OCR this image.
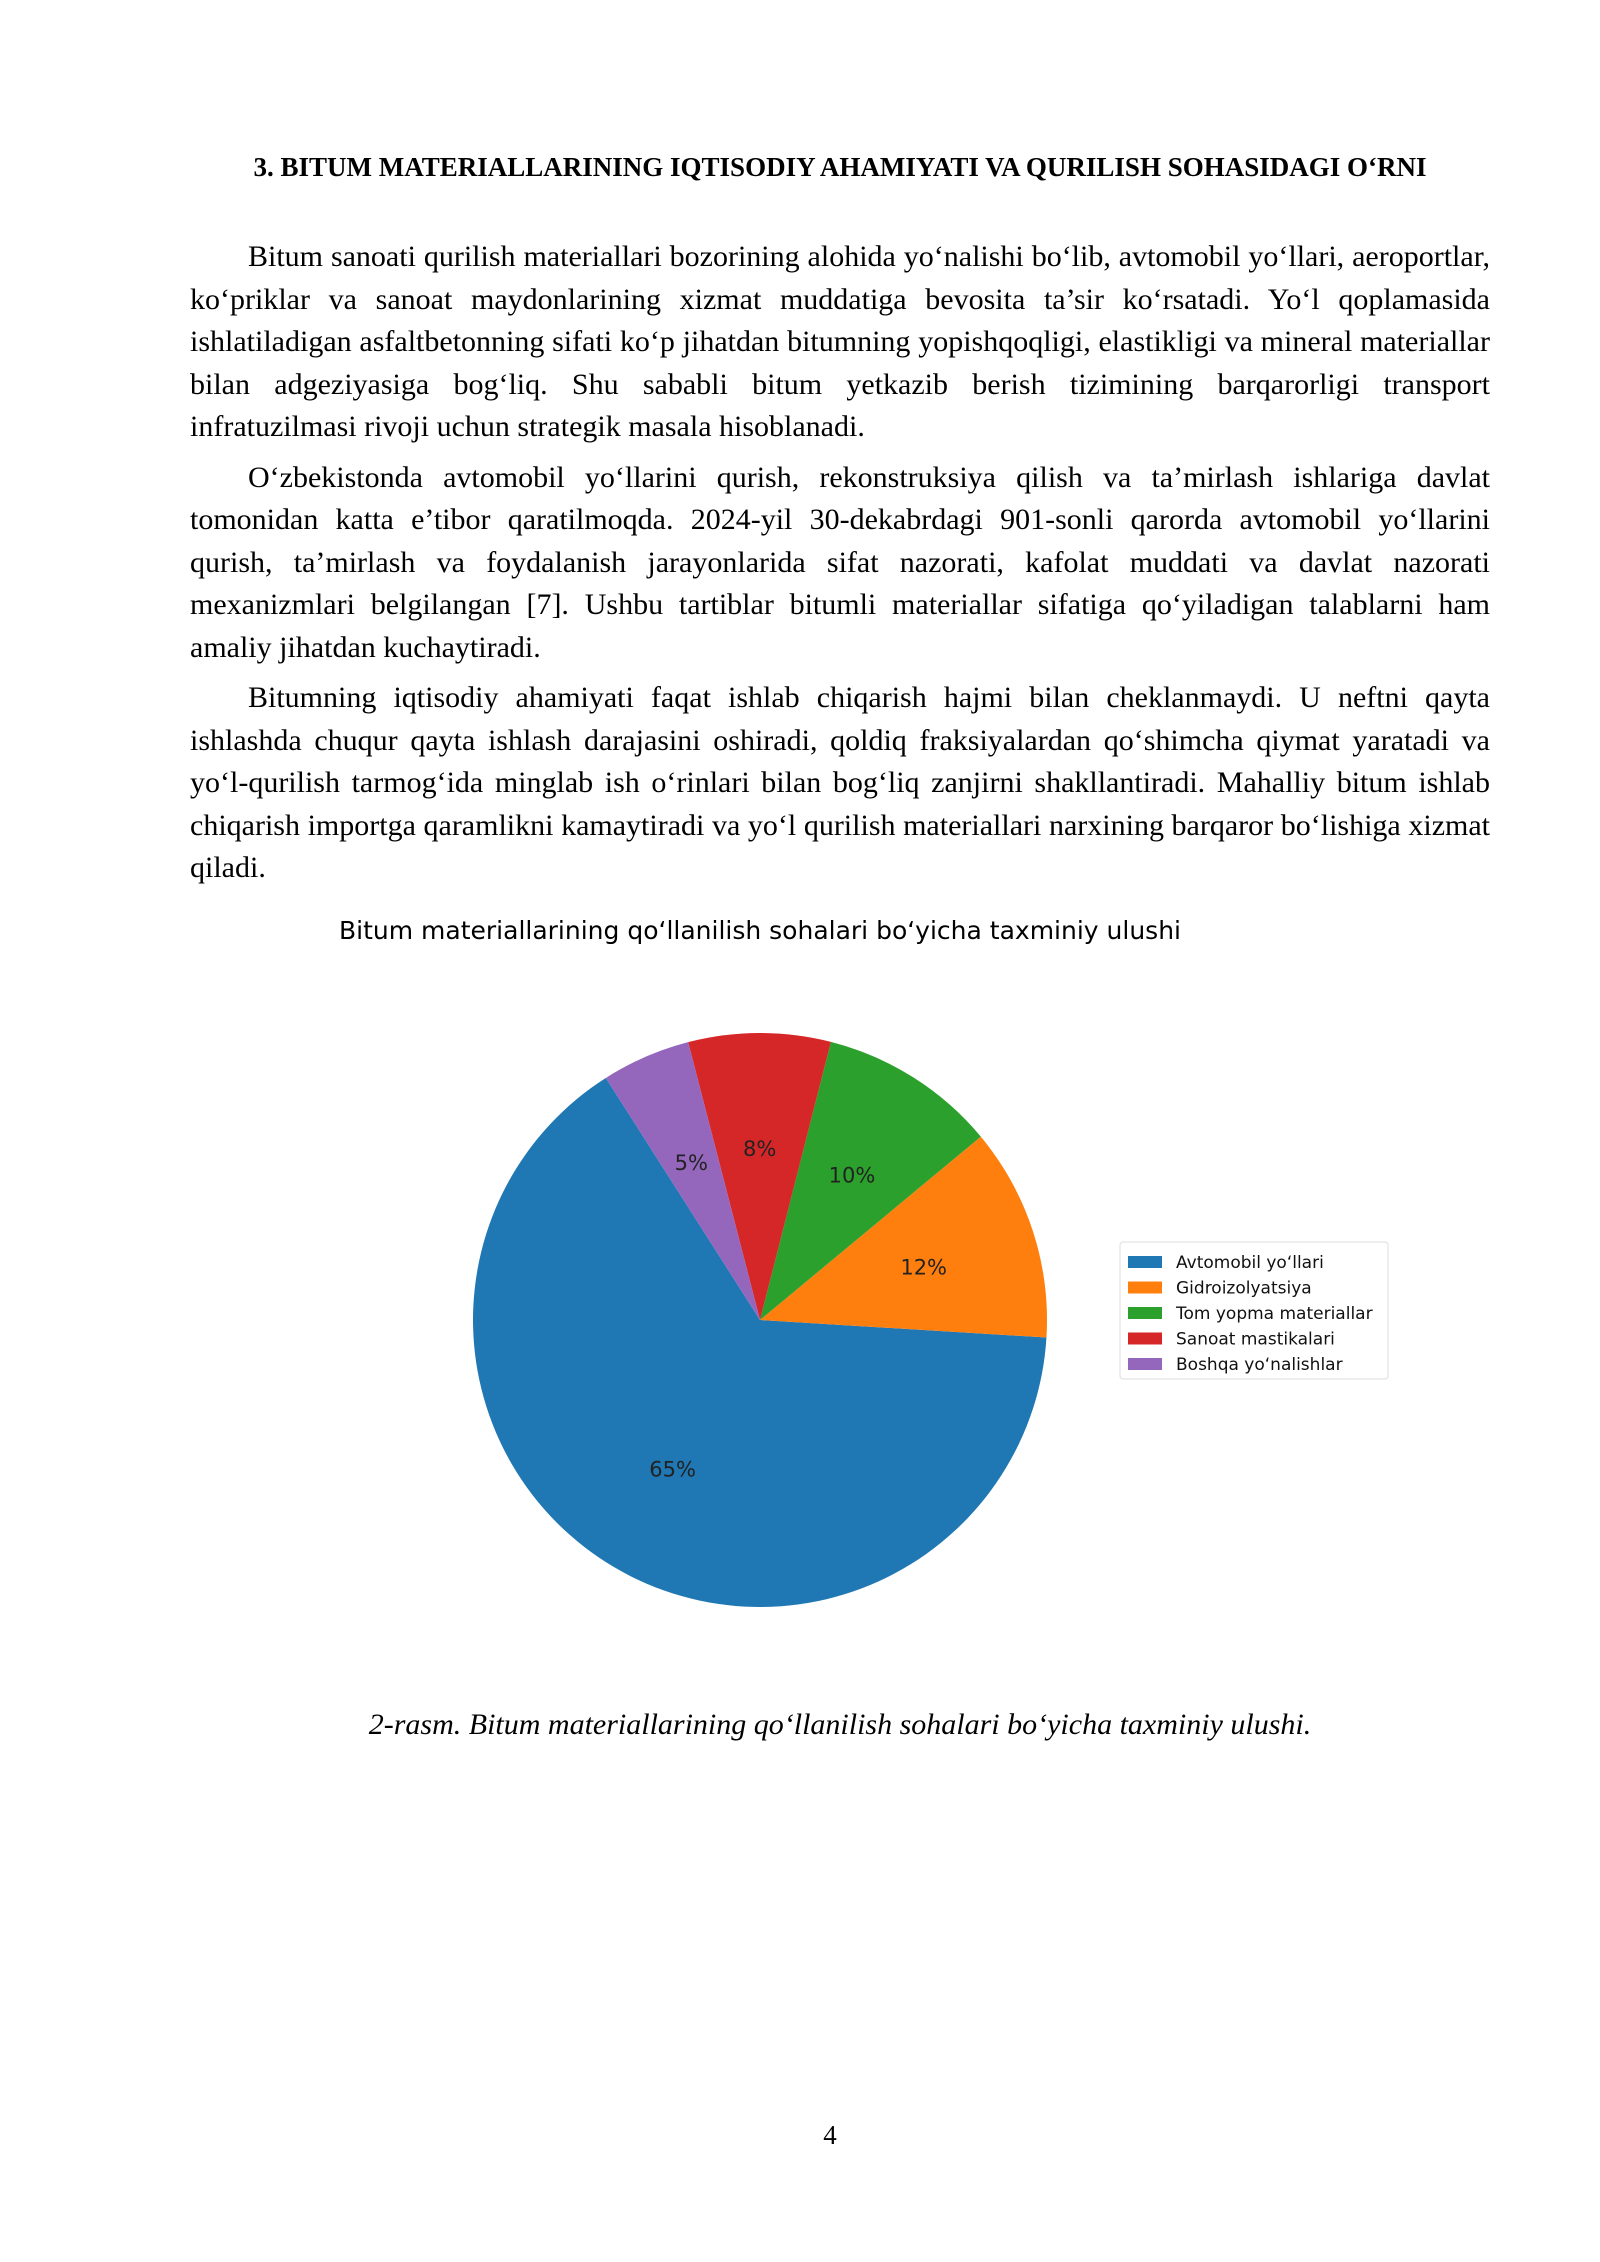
3. BITUM MATERIALLARINING IQTISODIY AHAMIYATI VA QURILISH SOHASIDAGI O‘RNI

Bitum sanoati qurilish materiallari bozorining alohida yo‘nalishi bo‘lib, avtomobil yo‘llari, aeroportlar, ko‘priklar va sanoat maydonlarining xizmat muddatiga bevosita ta’sir ko‘rsatadi. Yo‘l qoplamasida ishlatiladigan asfaltbetonning sifati ko‘p jihatdan bitumning yopishqoqligi, elastikligi va mineral materiallar bilan adgeziyasiga bog‘liq. Shu sababli bitum yetkazib berish tizimining barqarorligi transport infratuzilmasi rivoji uchun strategik masala hisoblanadi.

O‘zbekistonda avtomobil yo‘llarini qurish, rekonstruksiya qilish va ta’mirlash ishlariga davlat tomonidan katta e’tibor qaratilmoqda. 2024-yil 30-dekabrdagi 901-sonli qarorda avtomobil yo‘llarini qurish, ta’mirlash va foydalanish jarayonlarida sifat nazorati, kafolat muddati va davlat nazorati mexanizmlari belgilangan [7]. Ushbu tartiblar bitumli materiallar sifatiga qo‘yiladigan talablarni ham amaliy jihatdan kuchaytiradi.

Bitumning iqtisodiy ahamiyati faqat ishlab chiqarish hajmi bilan cheklanmaydi. U neftni qayta ishlashda chuqur qayta ishlash darajasini oshiradi, qoldiq fraksiyalardan qo‘shimcha qiymat yaratadi va yo‘l-qurilish tarmog‘ida minglab ish o‘rinlari bilan bog‘liq zanjirni shakllantiradi. Mahalliy bitum ishlab chiqarish importga qaramlikni kamaytiradi va yo‘l qurilish materiallari narxining barqaror bo‘lishiga xizmat qiladi.

Bitum materiallarining qo‘llanilish sohalari bo‘yicha taxminiy ulushi
65%
12%
10%
8%
5%
Avtomobil yo‘llari
Gidroizolyatsiya
Tom yopma materiallar
Sanoat mastikalari
Boshqa yo‘nalishlar
2-rasm. Bitum materiallarining qo‘llanilish sohalari bo‘yicha taxminiy ulushi.
4
